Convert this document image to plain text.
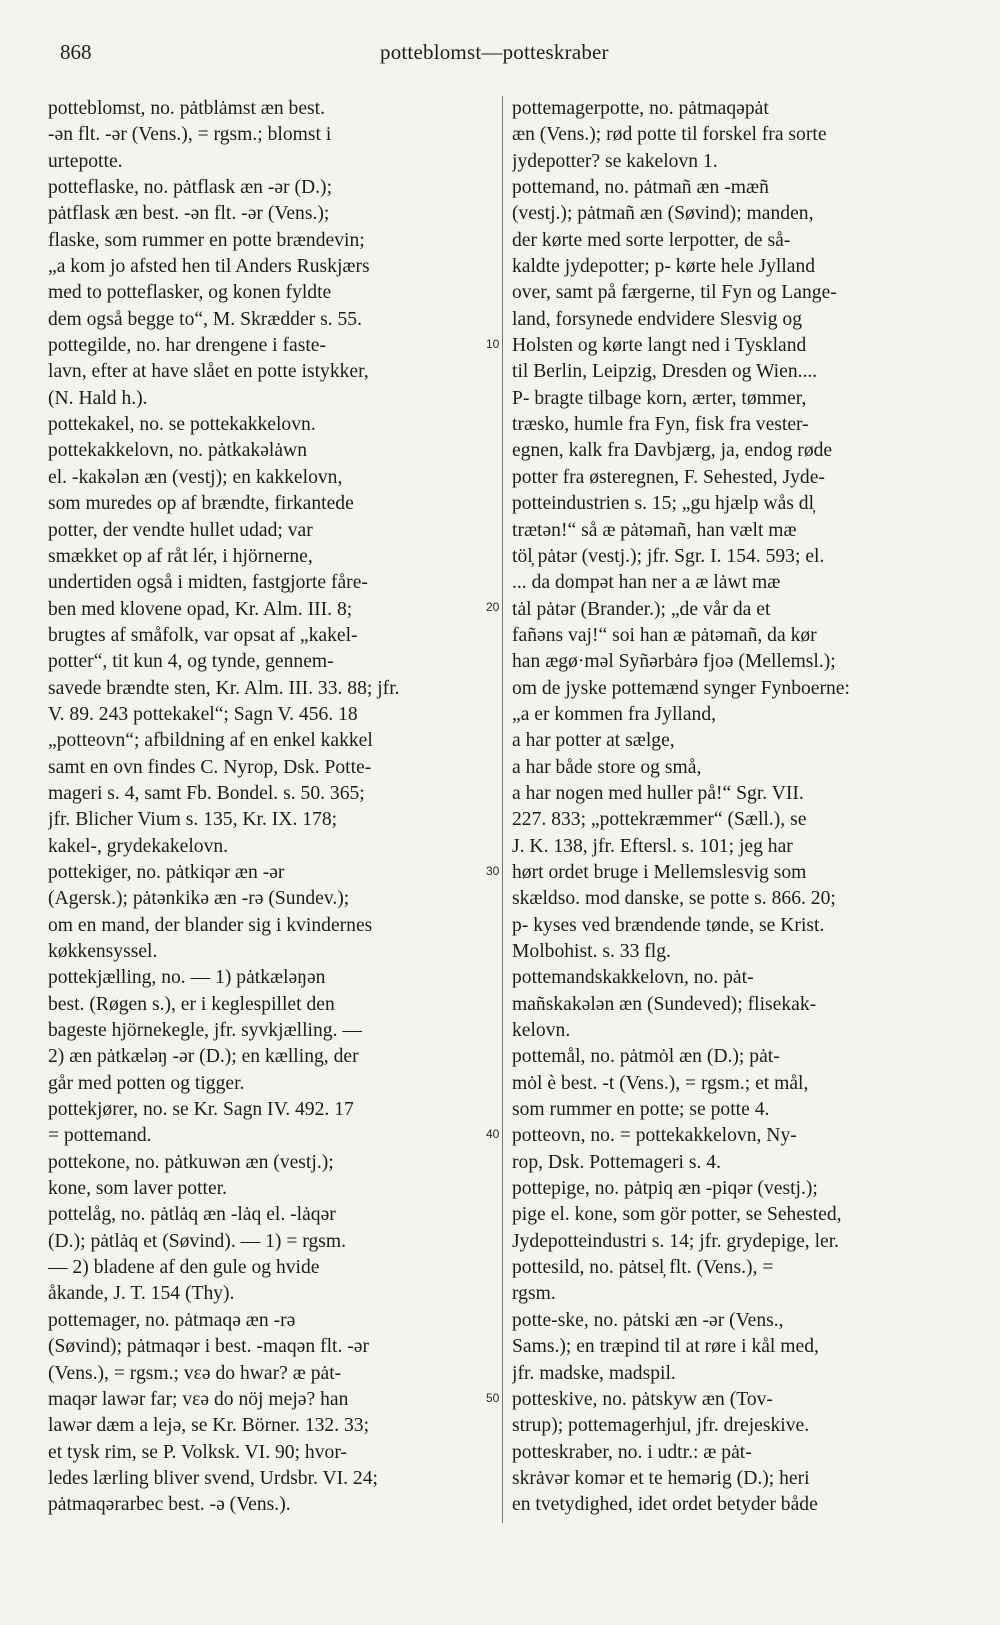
868	potteblomst—potteskraber
potteblomst, no. pȧtblȧmst æn best.
-ən flt. -ər (Vens.), = rgsm.; blomst i
urtepotte.
potteflaske, no. pȧtflask æn -ər (D.);
pȧtflask æn best. -ən flt. -ər (Vens.);
flaske, som rummer en potte brændevin;
„a kom jo afsted hen til Anders Ruskjærs
med to potteflasker, og konen fyldte
dem også begge to“, M. Skrædder s. 55.
pottegilde, no. har drengene i faste-
lavn, efter at have slået en potte istykker,
(N. Hald h.).
pottekakel, no. se pottekakkelovn.
pottekakkelovn, no. pȧtkakəlȧwn
el. -kakələn æn (vestj); en kakkelovn,
som muredes op af brændte, firkantede
potter, der vendte hullet udad; var
smækket op af råt lér, i hjörnerne,
undertiden også i midten, fastgjorte fåre-
ben med klovene opad, Kr. Alm. III. 8;
brugtes af småfolk, var opsat af „kakel-
potter“, tit kun 4, og tynde, gennem-
savede brændte sten, Kr. Alm. III. 33. 88; jfr.
V. 89. 243 pottekakel“; Sagn V. 456. 18
„potteovn“; afbildning af en enkel kakkel
samt en ovn findes C. Nyrop, Dsk. Potte-
mageri s. 4, samt Fb. Bondel. s. 50. 365;
jfr. Blicher Vium s. 135, Kr. IX. 178;
kakel-, grydekakelovn.
pottekiger, no. pȧtkiqər æn -ər
(Agersk.); pȧtənkikə æn -rə (Sundev.);
om en mand, der blander sig i kvindernes
køkkensyssel.
pottekjælling, no. — 1) pȧtkæləŋən
best. (Røgen s.), er i keglespillet den
bageste hjörnekegle, jfr. syvkjælling. —
2) æn pȧtkæləŋ -ər (D.); en kælling, der
går med potten og tigger.
pottekjører, no. se Kr. Sagn IV. 492. 17
= pottemand.
pottekone, no. pȧtkuwən æn (vestj.);
kone, som laver potter.
pottelåg, no. pȧtlȧq æn -lȧq el. -lȧqər
(D.); pȧtlȧq et (Søvind). — 1) = rgsm.
— 2) bladene af den gule og hvide
åkande, J. T. 154 (Thy).
pottemager, no. pȧtmaqə æn -rə
(Søvind); pȧtmaqər i best. -maqən flt. -ər
(Vens.), = rgsm.; vεə do hwar? æ pȧt-
maqər lawər far; vεə do nöj mejə? han
lawər dæm a lejə, se Kr. Börner. 132. 33;
et tysk rim, se P. Volksk. VI. 90; hvor-
ledes lærling bliver svend, Urdsbr. VI. 24;
pȧtmaqərarbec best. -ə (Vens.).
pottemagerpotte, no. pȧtmaqəpȧt
æn (Vens.); rød potte til forskel fra sorte
jydepotter? se kakelovn 1.
pottemand, no. pȧtmañ æn -mæñ
(vestj.); pȧtmañ æn (Søvind); manden,
der kørte med sorte lerpotter, de så-
kaldte jydepotter; p- kørte hele Jylland
over, samt på færgerne, til Fyn og Lange-
land, forsynede endvidere Slesvig og
Holsten og kørte langt ned i Tyskland
til Berlin, Leipzig, Dresden og Wien....
P- bragte tilbage korn, ærter, tømmer,
træsko, humle fra Fyn, fisk fra vester-
egnen, kalk fra Davbjærg, ja, endog røde
potter fra østeregnen, F. Sehested, Jyde-
potteindustrien s. 15; „gu hjælp wås dl̦
trætən!“ så æ pȧtəmañ, han vælt mæ
töl̦ pȧtər (vestj.); jfr. Sgr. I. 154. 593; el.
... da dompət han ner a æ lȧwt mæ
tȧl pȧtər (Brander.); „de vår da et
fañəns vaj!“ soi han æ pȧtəmañ, da kør
han ægø·məl Syñərbȧrə fjoə (Mellemsl.);
om de jyske pottemænd synger Fynboerne:
„a er kommen fra Jylland,
a har potter at sælge,
a har både store og små,
a har nogen med huller på!“ Sgr. VII.
227. 833; „pottekræmmer“ (Sæll.), se
J. K. 138, jfr. Eftersl. s. 101; jeg har
hørt ordet bruge i Mellemslesvig som
skældso. mod danske, se potte s. 866. 20;
p- kyses ved brændende tønde, se Krist.
Molbohist. s. 33 flg.
pottemandskakkelovn, no. pȧt-
mañskakələn æn (Sundeved); flisekak-
kelovn.
pottemål, no. pȧtmȯl æn (D.); pȧt-
mȯl è best. -t (Vens.), = rgsm.; et mål,
som rummer en potte; se potte 4.
potteovn, no. = pottekakkelovn, Ny-
rop, Dsk. Pottemageri s. 4.
pottepige, no. pȧtpiq æn -piqər (vestj.);
pige el. kone, som gör potter, se Sehested,
Jydepotteindustri s. 14; jfr. grydepige, ler.
pottesild, no. pȧtsel̦ flt. (Vens.), =
rgsm.
potte-ske, no. pȧtski æn -ər (Vens.,
Sams.); en træpind til at røre i kål med,
jfr. madske, madspil.
potteskive, no. pȧtskyw æn (Tov-
strup); pottemagerhjul, jfr. drejeskive.
potteskraber, no. i udtr.: æ pȧt-
skrȧvər komər et te hemərig (D.); heri
en tvetydighed, idet ordet betyder både
10
20
30
40
50
